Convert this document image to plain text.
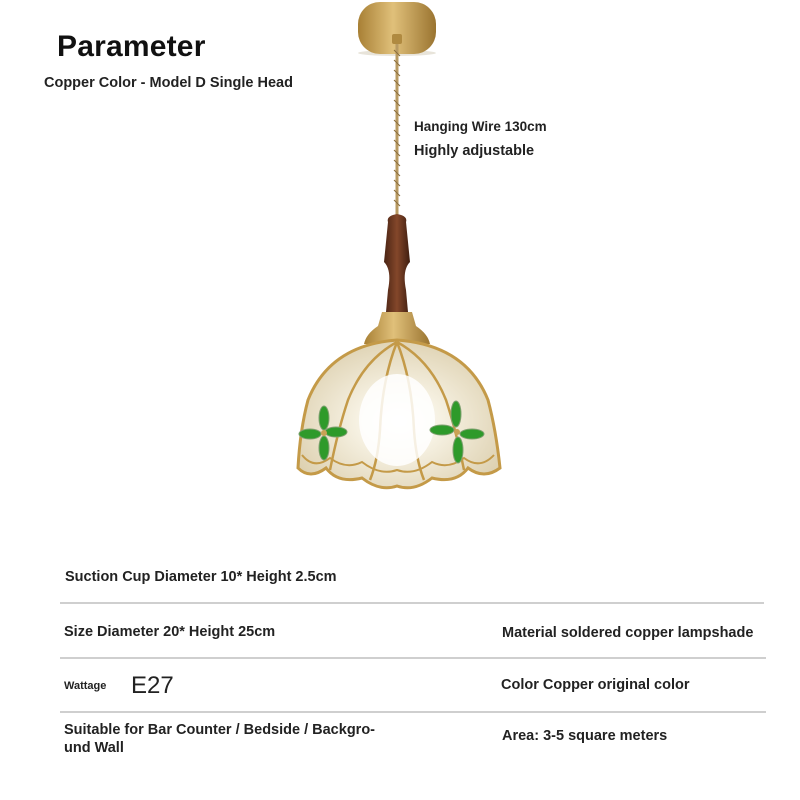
Parameter
Copper Color - Model D Single Head
Hanging Wire 130cm
Highly adjustable
Suction Cup Diameter 10* Height 2.5cm
Size Diameter 20* Height 25cm	Material soldered copper lampshade
Wattage E27	Color Copper original color
Suitable for Bar Counter / Bedside / Backgro-
und Wall
Area: 3-5 square meters
